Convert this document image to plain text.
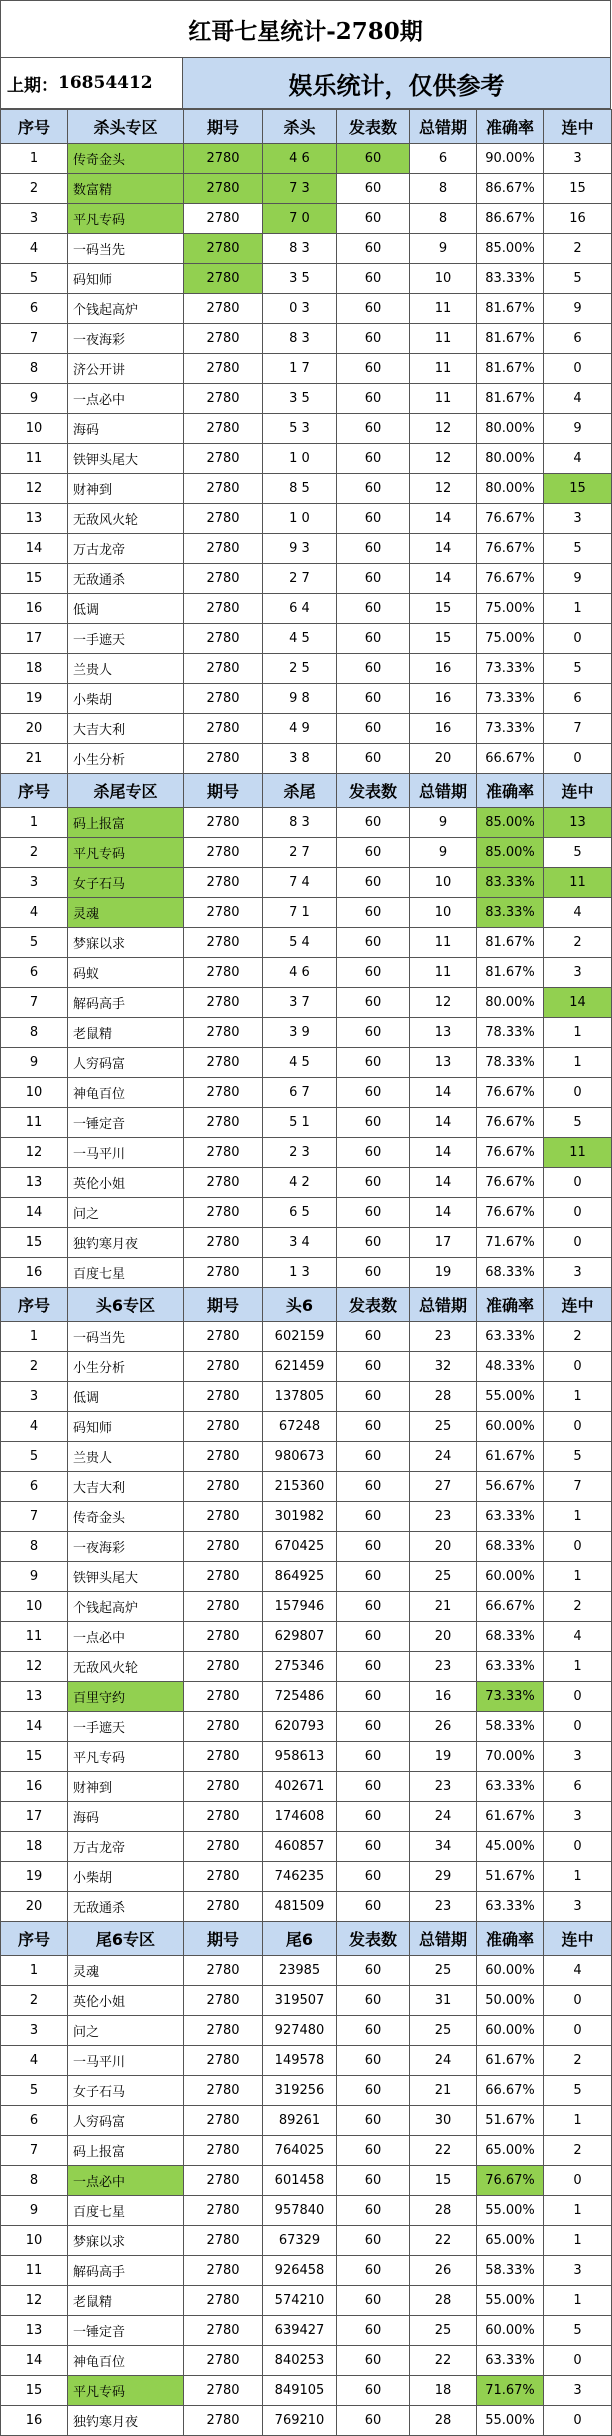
红哥七星统计-2780期
上期： 16854412	娱乐统计，仅供参考
序号	杀头专区	期号	杀头	发表数	总错期	准确率	连中
1	传奇金头	2780	4 6	60	6	90.00%	3
2	数富精	2780	7 3	60	8	86.67%	15
3	平凡专码	2780	7 0	60	8	86.67%	16
4	一码当先	2780	8 3	60	9	85.00%	2
5	码知师	2780	3 5	60	10	83.33%	5
6	个钱起高炉	2780	0 3	60	11	81.67%	9
7	一夜海彩	2780	8 3	60	11	81.67%	6
8	济公开讲	2780	1 7	60	11	81.67%	0
9	一点必中	2780	3 5	60	11	81.67%	4
10	海码	2780	5 3	60	12	80.00%	9
11	铁钾头尾大	2780	1 0	60	12	80.00%	4
12	财神到	2780	8 5	60	12	80.00%	15
13	无敌风火轮	2780	1 0	60	14	76.67%	3
14	万古龙帝	2780	9 3	60	14	76.67%	5
15	无敌通杀	2780	2 7	60	14	76.67%	9
16	低调	2780	6 4	60	15	75.00%	1
17	一手遮天	2780	4 5	60	15	75.00%	0
18	兰贵人	2780	2 5	60	16	73.33%	5
19	小柴胡	2780	9 8	60	16	73.33%	6
20	大吉大利	2780	4 9	60	16	73.33%	7
21	小生分析	2780	3 8	60	20	66.67%	0
序号	杀尾专区	期号	杀尾	发表数	总错期	准确率	连中
1	码上报富	2780	8 3	60	9	85.00%	13
2	平凡专码	2780	2 7	60	9	85.00%	5
3	女子石马	2780	7 4	60	10	83.33%	11
4	灵魂	2780	7 1	60	10	83.33%	4
5	梦寐以求	2780	5 4	60	11	81.67%	2
6	码蚁	2780	4 6	60	11	81.67%	3
7	解码高手	2780	3 7	60	12	80.00%	14
8	老鼠精	2780	3 9	60	13	78.33%	1
9	人穷码富	2780	4 5	60	13	78.33%	1
10	神龟百位	2780	6 7	60	14	76.67%	0
11	一锤定音	2780	5 1	60	14	76.67%	5
12	一马平川	2780	2 3	60	14	76.67%	11
13	英伦小姐	2780	4 2	60	14	76.67%	0
14	问之	2780	6 5	60	14	76.67%	0
15	独钓寒月夜	2780	3 4	60	17	71.67%	0
16	百度七星	2780	1 3	60	19	68.33%	3
序号	头6专区	期号	头6	发表数	总错期	准确率	连中
1	一码当先	2780	602159	60	23	63.33%	2
2	小生分析	2780	621459	60	32	48.33%	0
3	低调	2780	137805	60	28	55.00%	1
4	码知师	2780	67248	60	25	60.00%	0
5	兰贵人	2780	980673	60	24	61.67%	5
6	大吉大利	2780	215360	60	27	56.67%	7
7	传奇金头	2780	301982	60	23	63.33%	1
8	一夜海彩	2780	670425	60	20	68.33%	0
9	铁钾头尾大	2780	864925	60	25	60.00%	1
10	个钱起高炉	2780	157946	60	21	66.67%	2
11	一点必中	2780	629807	60	20	68.33%	4
12	无敌风火轮	2780	275346	60	23	63.33%	1
13	百里守约	2780	725486	60	16	73.33%	0
14	一手遮天	2780	620793	60	26	58.33%	0
15	平凡专码	2780	958613	60	19	70.00%	3
16	财神到	2780	402671	60	23	63.33%	6
17	海码	2780	174608	60	24	61.67%	3
18	万古龙帝	2780	460857	60	34	45.00%	0
19	小柴胡	2780	746235	60	29	51.67%	1
20	无敌通杀	2780	481509	60	23	63.33%	3
序号	尾6专区	期号	尾6	发表数	总错期	准确率	连中
1	灵魂	2780	23985	60	25	60.00%	4
2	英伦小姐	2780	319507	60	31	50.00%	0
3	问之	2780	927480	60	25	60.00%	0
4	一马平川	2780	149578	60	24	61.67%	2
5	女子石马	2780	319256	60	21	66.67%	5
6	人穷码富	2780	89261	60	30	51.67%	1
7	码上报富	2780	764025	60	22	65.00%	2
8	一点必中	2780	601458	60	15	76.67%	0
9	百度七星	2780	957840	60	28	55.00%	1
10	梦寐以求	2780	67329	60	22	65.00%	1
11	解码高手	2780	926458	60	26	58.33%	3
12	老鼠精	2780	574210	60	28	55.00%	1
13	一锤定音	2780	639427	60	25	60.00%	5
14	神龟百位	2780	840253	60	22	63.33%	0
15	平凡专码	2780	849105	60	18	71.67%	3
16	独钓寒月夜	2780	769210	60	28	55.00%	0
